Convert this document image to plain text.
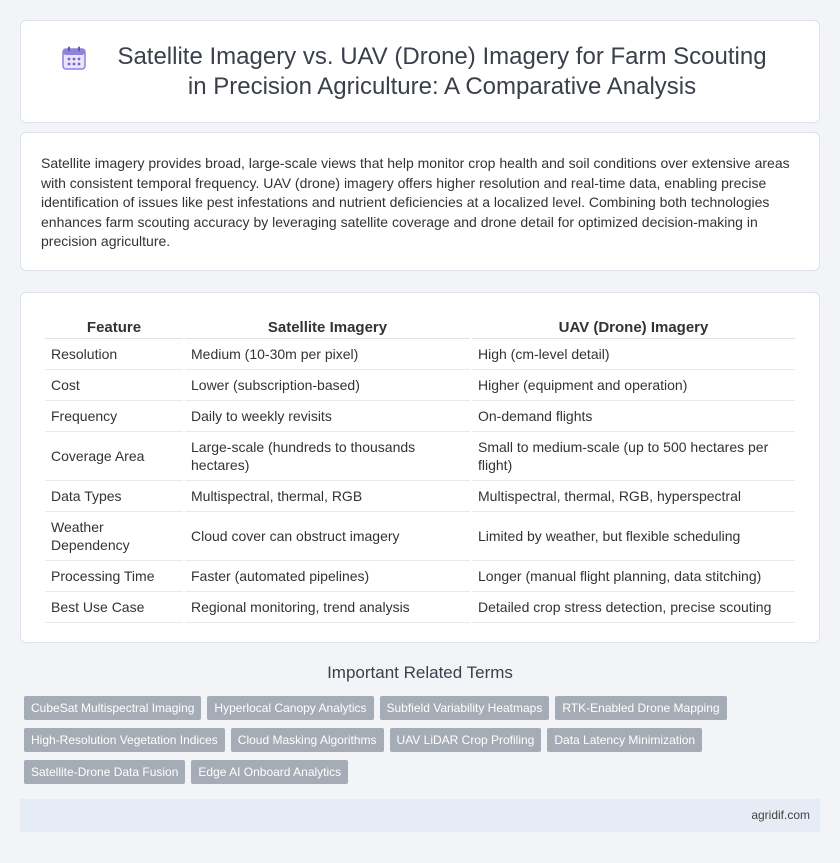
Satellite Imagery vs. UAV (Drone) Imagery for Farm Scouting in Precision Agriculture: A Comparative Analysis

Satellite imagery provides broad, large-scale views that help monitor crop health and soil conditions over extensive areas with consistent temporal frequency. UAV (drone) imagery offers higher resolution and real-time data, enabling precise identification of issues like pest infestations and nutrient deficiencies at a localized level. Combining both technologies enhances farm scouting accuracy by leveraging satellite coverage and drone detail for optimized decision-making in precision agriculture.

Feature	Satellite Imagery	UAV (Drone) Imagery
Resolution	Medium (10-30m per pixel)	High (cm-level detail)
Cost	Lower (subscription-based)	Higher (equipment and operation)
Frequency	Daily to weekly revisits	On-demand flights
Coverage Area	Large-scale (hundreds to thousands hectares)	Small to medium-scale (up to 500 hectares per flight)
Data Types	Multispectral, thermal, RGB	Multispectral, thermal, RGB, hyperspectral
Weather Dependency	Cloud cover can obstruct imagery	Limited by weather, but flexible scheduling
Processing Time	Faster (automated pipelines)	Longer (manual flight planning, data stitching)
Best Use Case	Regional monitoring, trend analysis	Detailed crop stress detection, precise scouting
Important Related Terms
CubeSat Multispectral Imaging	Hyperlocal Canopy Analytics	Subfield Variability Heatmaps	RTK-Enabled Drone Mapping
High-Resolution Vegetation Indices	Cloud Masking Algorithms	UAV LiDAR Crop Profiling	Data Latency Minimization
Satellite-Drone Data Fusion	Edge AI Onboard Analytics
agridif.com
